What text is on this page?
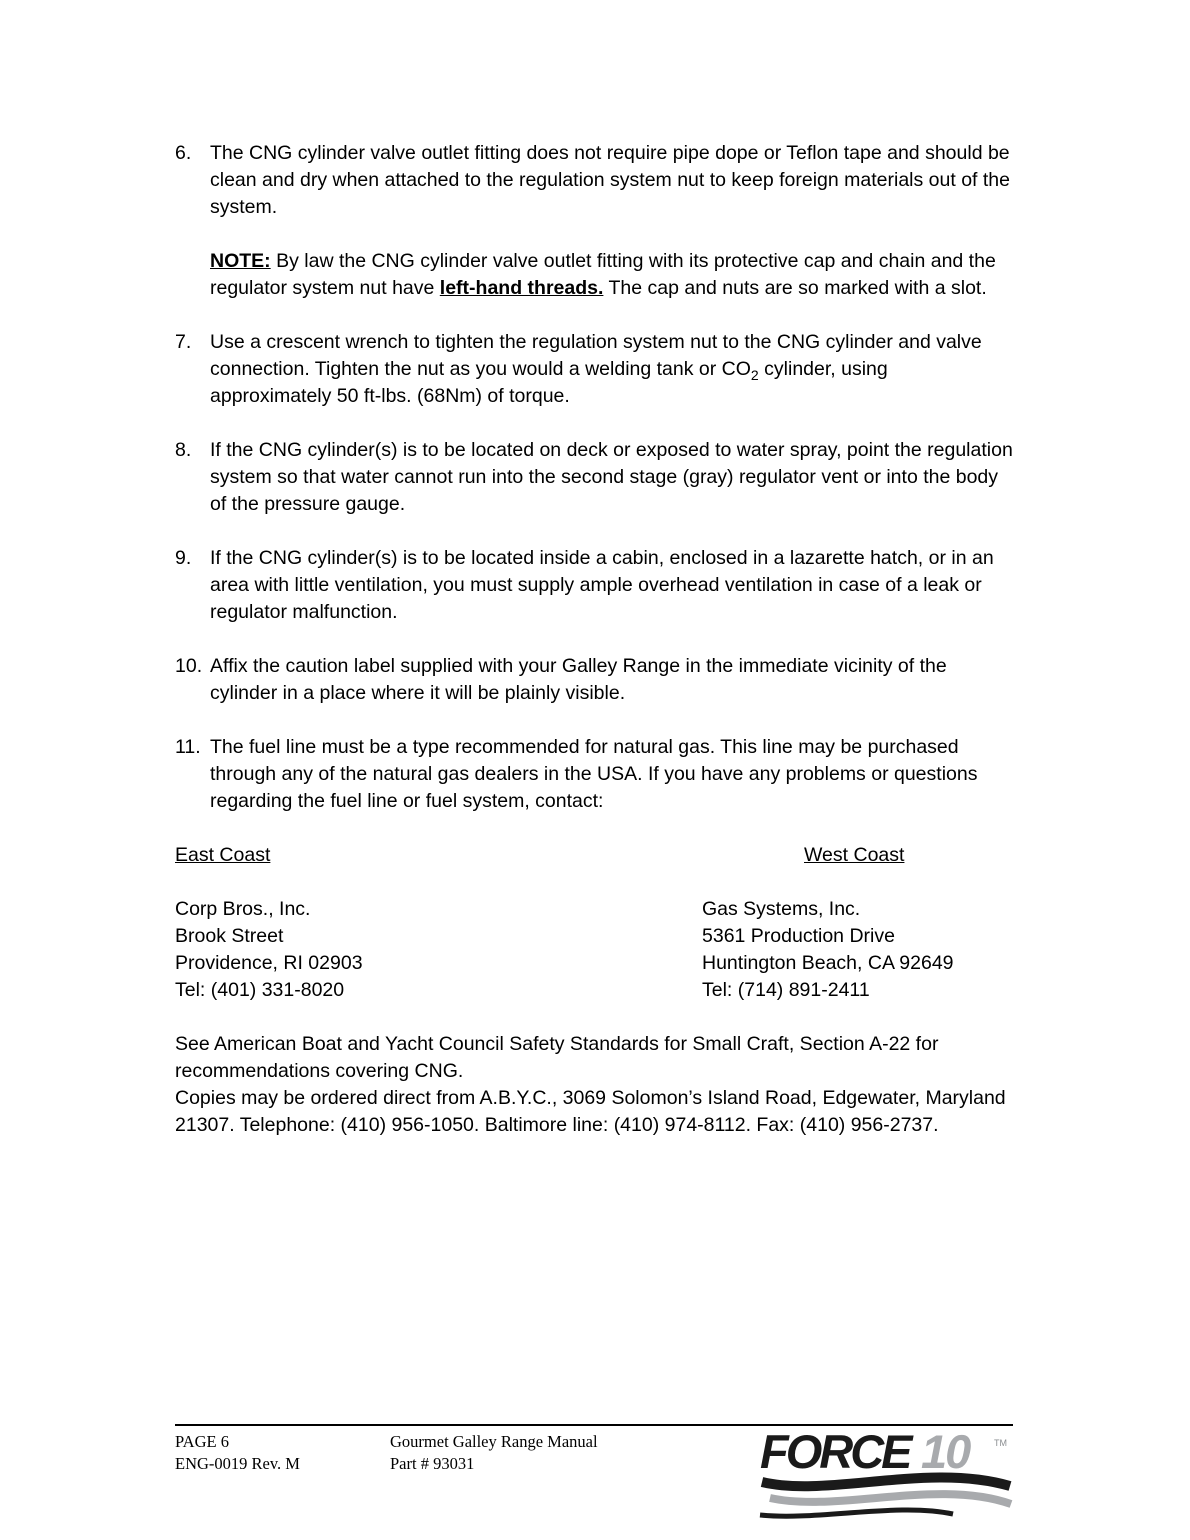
6. The CNG cylinder valve outlet fitting does not require pipe dope or Teflon tape and should be clean and dry when attached to the regulation system nut to keep foreign materials out of the system.

NOTE: By law the CNG cylinder valve outlet fitting with its protective cap and chain and the regulator system nut have left-hand threads. The cap and nuts are so marked with a slot.

7. Use a crescent wrench to tighten the regulation system nut to the CNG cylinder and valve connection. Tighten the nut as you would a welding tank or $CO_2$ cylinder, using approximately 50 ft-lbs. (68Nm) of torque.

8. If the CNG cylinder(s) is to be located on deck or exposed to water spray, point the regulation system so that water cannot run into the second stage (gray) regulator vent or into the body of the pressure gauge.

9. If the CNG cylinder(s) is to be located inside a cabin, enclosed in a lazarette hatch, or in an area with little ventilation, you must supply ample overhead ventilation in case of a leak or regulator malfunction.

10. Affix the caution label supplied with your Galley Range in the immediate vicinity of the cylinder in a place where it will be plainly visible.

11. The fuel line must be a type recommended for natural gas. This line may be purchased through any of the natural gas dealers in the USA. If you have any problems or questions regarding the fuel line or fuel system, contact:

East Coast	West Coast
Corp Bros., Inc.
Brook Street
Providence, RI 02903
Tel: (401) 331-8020
Gas Systems, Inc.
5361 Production Drive
Huntington Beach, CA 92649
Tel: (714) 891-2411

See American Boat and Yacht Council Safety Standards for Small Craft, Section A-22 for recommendations covering CNG.

Copies may be ordered direct from A.B.Y.C., 3069 Solomon’s Island Road, Edgewater, Maryland 21307. Telephone: (410) 956-1050. Baltimore line: (410) 974-8112. Fax: (410) 956-2737.

PAGE 6
ENG-0019 Rev. M
Gourmet Galley Range Manual
Part # 93031	FORCE 10	TM
